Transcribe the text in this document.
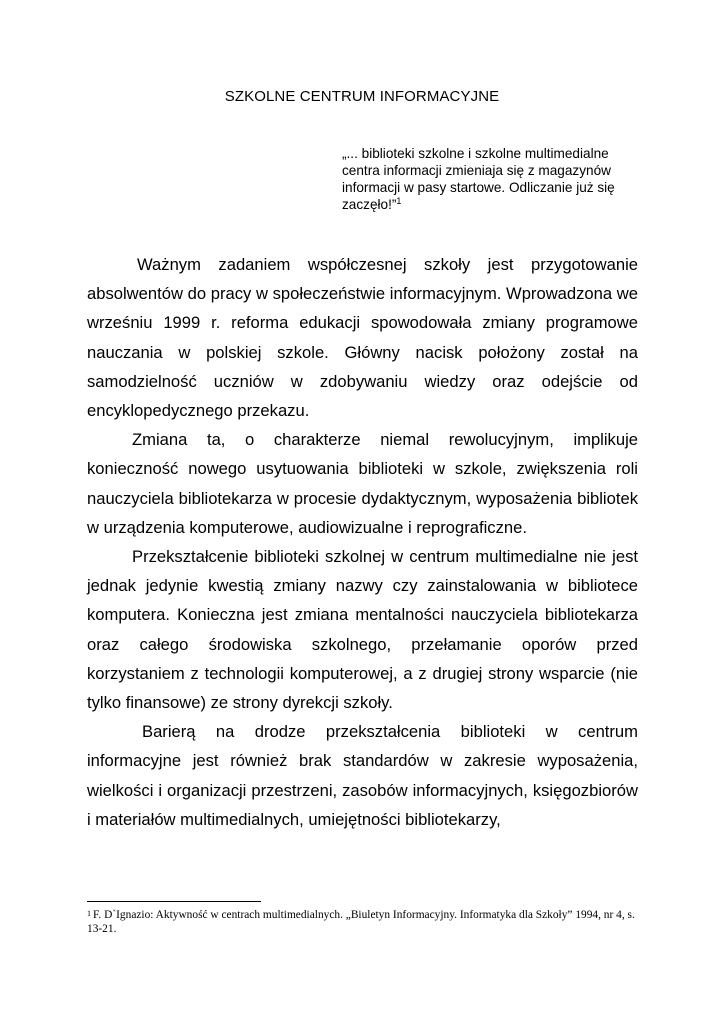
SZKOLNE CENTRUM INFORMACYJNE
„... biblioteki szkolne i szkolne multimedialne centra informacji zmieniaja się z magazynów informacji w pasy startowe. Odliczanie już się zaczęło!”$^1$

Ważnym zadaniem współczesnej szkoły jest przygotowanie absolwentów do pracy w społeczeństwie informacyjnym. Wprowadzona we wrześniu 1999 r. reforma edukacji spowodowała zmiany programowe nauczania w polskiej szkole. Główny nacisk położony został na samodzielność uczniów w zdobywaniu wiedzy oraz odejście od encyklopedycznego przekazu.

Zmiana ta, o charakterze niemal rewolucyjnym, implikuje konieczność nowego usytuowania biblioteki w szkole, zwiększenia roli nauczyciela bibliotekarza w procesie dydaktycznym, wyposażenia bibliotek w urządzenia komputerowe, audiowizualne i reprograficzne.

Przekształcenie biblioteki szkolnej w centrum multimedialne nie jest jednak jedynie kwestią zmiany nazwy czy zainstalowania w bibliotece komputera. Konieczna jest zmiana mentalności nauczyciela bibliotekarza oraz całego środowiska szkolnego, przełamanie oporów przed korzystaniem z technologii komputerowej, a z drugiej strony wsparcie (nie tylko finansowe) ze strony dyrekcji szkoły.

Barierą na drodze przekształcenia biblioteki w centrum informacyjne jest również brak standardów w zakresie wyposażenia, wielkości i organizacji przestrzeni, zasobów informacyjnych, księgozbiorów i materiałów multimedialnych, umiejętności bibliotekarzy,

$^1$ F. D`Ignazio: Aktywność w centrach multimedialnych. „Biuletyn Informacyjny. Informatyka dla Szkoły” 1994, nr 4, s. 13-21.
